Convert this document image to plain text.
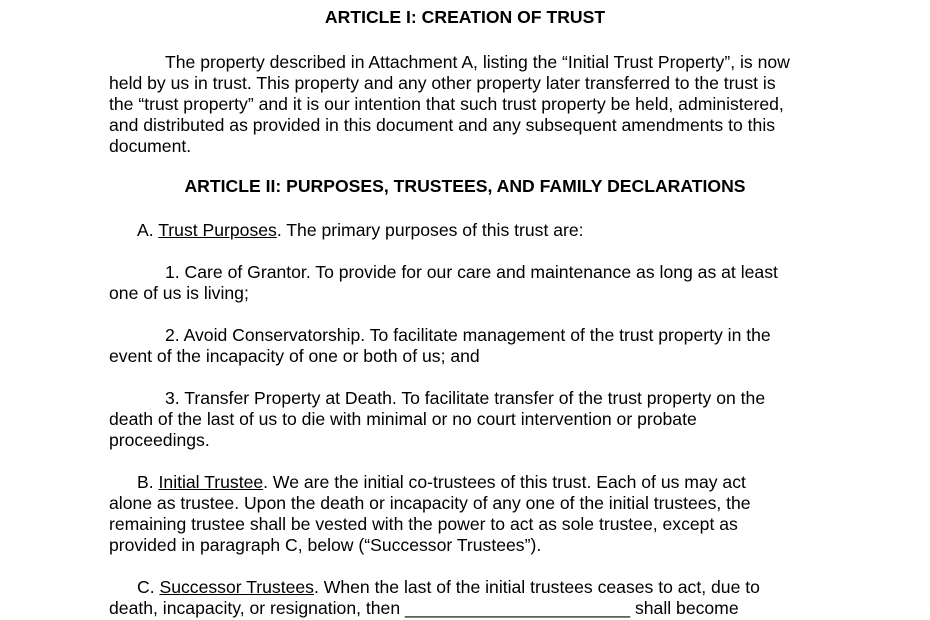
ARTICLE I: CREATION OF TRUST
The property described in Attachment A, listing the “Initial Trust Property”, is now
held by us in trust. This property and any other property later transferred to the trust is
the “trust property” and it is our intention that such trust property be held, administered,
and distributed as provided in this document and any subsequent amendments to this
document.
ARTICLE II: PURPOSES, TRUSTEES, AND FAMILY DECLARATIONS
A. Trust Purposes. The primary purposes of this trust are:
1. Care of Grantor. To provide for our care and maintenance as long as at least
one of us is living;
2. Avoid Conservatorship. To facilitate management of the trust property in the
event of the incapacity of one or both of us; and
3. Transfer Property at Death. To facilitate transfer of the trust property on the
death of the last of us to die with minimal or no court intervention or probate
proceedings.
B. Initial Trustee. We are the initial co-trustees of this trust. Each of us may act
alone as trustee. Upon the death or incapacity of any one of the initial trustees, the
remaining trustee shall be vested with the power to act as sole trustee, except as
provided in paragraph C, below (“Successor Trustees”).
C. Successor Trustees. When the last of the initial trustees ceases to act, due to
death, incapacity, or resignation, then _______________________ shall become
